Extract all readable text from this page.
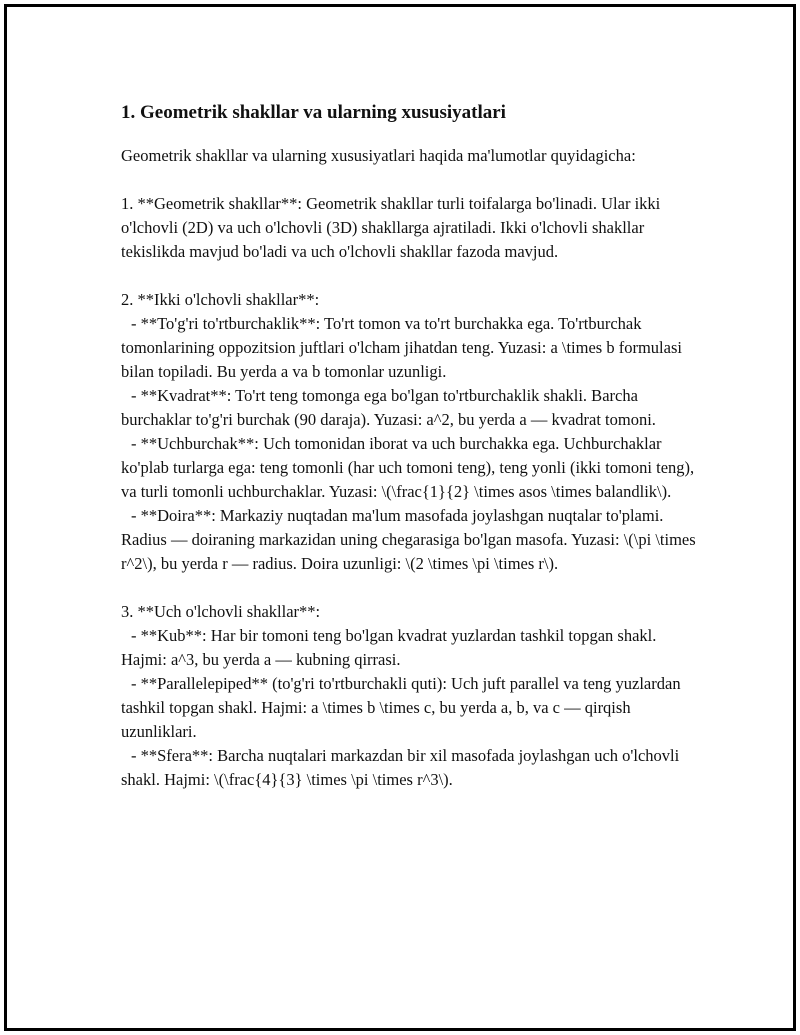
1. Geometrik shakllar va ularning xususiyatlari

Geometrik shakllar va ularning xususiyatlari haqida ma'lumotlar quyidagicha:

1. **Geometrik shakllar**: Geometrik shakllar turli toifalarga bo'linadi. Ular ikki o'lchovli (2D) va uch o'lchovli (3D) shakllarga ajratiladi. Ikki o'lchovli shakllar tekislikda mavjud bo'ladi va uch o'lchovli shakllar fazoda mavjud.

2. **Ikki o'lchovli shakllar**:

- **To'g'ri to'rtburchaklik**: To'rt tomon va to'rt burchakka ega. To'rtburchak tomonlarining oppozitsion juftlari o'lcham jihatdan teng. Yuzasi: a \times b formulasi bilan topiladi. Bu yerda a va b tomonlar uzunligi.

- **Kvadrat**: To'rt teng tomonga ega bo'lgan to'rtburchaklik shakli. Barcha burchaklar to'g'ri burchak (90 daraja). Yuzasi: a^2, bu yerda a — kvadrat tomoni.

- **Uchburchak**: Uch tomonidan iborat va uch burchakka ega. Uchburchaklar ko'plab turlarga ega: teng tomonli (har uch tomoni teng), teng yonli (ikki tomoni teng), va turli tomonli uchburchaklar. Yuzasi: \(\frac{1}{2} \times asos \times balandlik\).

- **Doira**: Markaziy nuqtadan ma'lum masofada joylashgan nuqtalar to'plami. Radius — doiraning markazidan uning chegarasiga bo'lgan masofa. Yuzasi: \(\pi \times r^2\), bu yerda r — radius. Doira uzunligi: \(2 \times \pi \times r\).

3. **Uch o'lchovli shakllar**:

- **Kub**: Har bir tomoni teng bo'lgan kvadrat yuzlardan tashkil topgan shakl. Hajmi: a^3, bu yerda a — kubning qirrasi.

- **Parallelepiped** (to'g'ri to'rtburchakli quti): Uch juft parallel va teng yuzlardan tashkil topgan shakl. Hajmi: a \times b \times c, bu yerda a, b, va c — qirqish uzunliklari.

- **Sfera**: Barcha nuqtalari markazdan bir xil masofada joylashgan uch o'lchovli shakl. Hajmi: \(\frac{4}{3} \times \pi \times r^3\).
